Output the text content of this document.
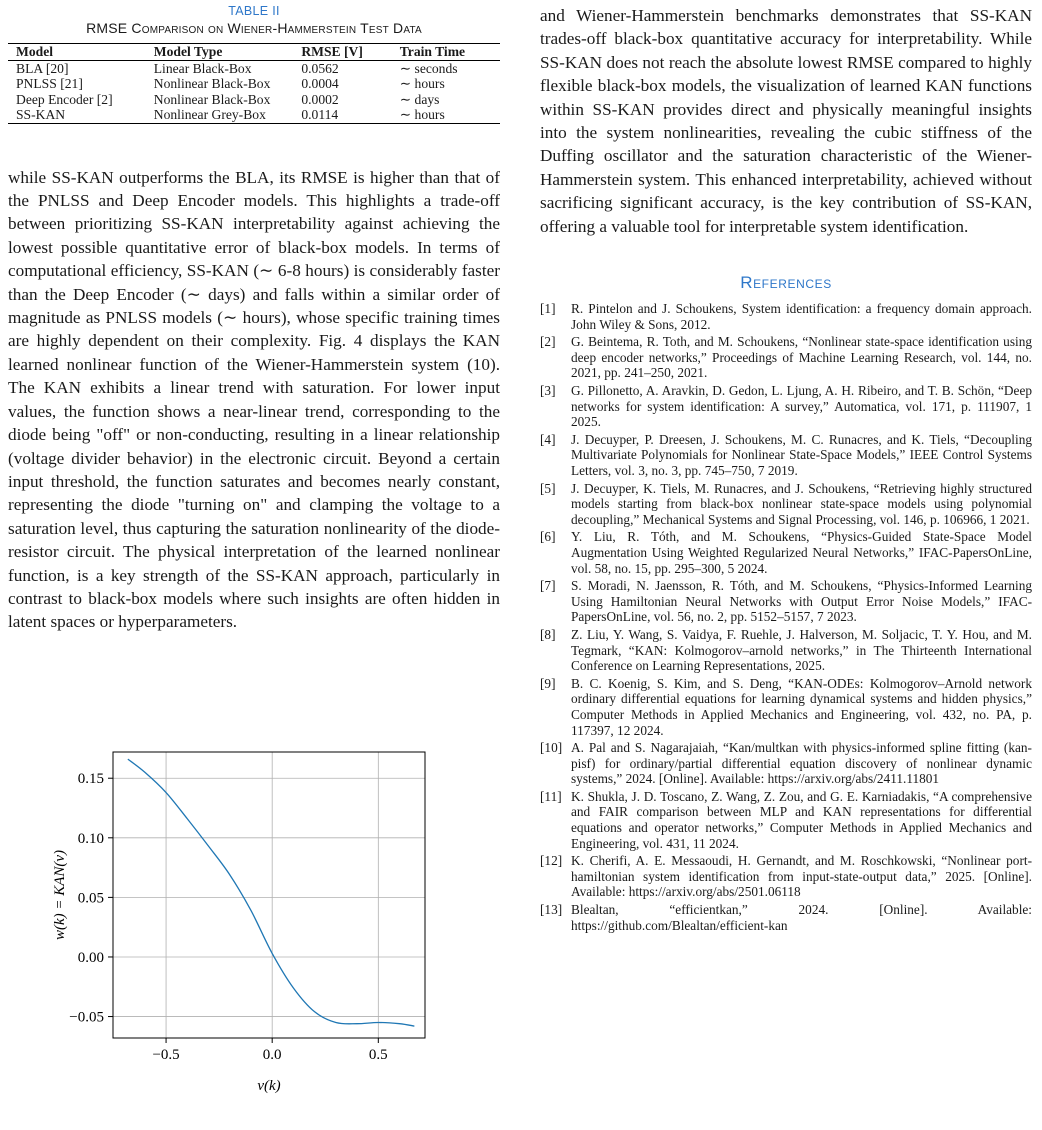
TABLE II
RMSE Comparison on Wiener-Hammerstein Test Data
Model	Model Type	RMSE [V]	Train Time
BLA [20]	Linear Black-Box	0.0562	∼ seconds
PNLSS [21]	Nonlinear Black-Box	0.0004	∼ hours
Deep Encoder [2]	Nonlinear Black-Box	0.0002	∼ days
SS-KAN	Nonlinear Grey-Box	0.0114	∼ hours

while SS-KAN outperforms the BLA, its RMSE is higher than that of the PNLSS and Deep Encoder models. This highlights a trade-off between prioritizing SS-KAN interpretability against achieving the lowest possible quantitative error of black-box models. In terms of computational efficiency, SS-KAN (∼ 6-8 hours) is considerably faster than the Deep Encoder (∼ days) and falls within a similar order of magnitude as PNLSS models (∼ hours), whose specific training times are highly dependent on their complexity. Fig. 4 displays the KAN learned nonlinear function of the Wiener-Hammerstein system (10). The KAN exhibits a linear trend with saturation. For lower input values, the function shows a near-linear trend, corresponding to the diode being "off" or non-conducting, resulting in a linear relationship (voltage divider behavior) in the electronic circuit. Beyond a certain input threshold, the function saturates and becomes nearly constant, representing the diode "turning on" and clamping the voltage to a saturation level, thus capturing the saturation nonlinearity of the diode-resistor circuit. The physical interpretation of the learned nonlinear function, is a key strength of the SS-KAN approach, particularly in contrast to black-box models where such insights are often hidden in latent spaces or hyperparameters.

−0.5	0.0	0.5
−0.05
0.00
0.05
0.10
0.15
v(k)
w(k) = KAN(v)

and Wiener-Hammerstein benchmarks demonstrates that SS-KAN trades-off black-box quantitative accuracy for interpretability. While SS-KAN does not reach the absolute lowest RMSE compared to highly flexible black-box models, the visualization of learned KAN functions within SS-KAN provides direct and physically meaningful insights into the system nonlinearities, revealing the cubic stiffness of the Duffing oscillator and the saturation characteristic of the Wiener-Hammerstein system. This enhanced interpretability, achieved without sacrificing significant accuracy, is the key contribution of SS-KAN, offering a valuable tool for interpretable system identification.

References
[1] R. Pintelon and J. Schoukens, System identification: a frequency domain approach. John Wiley & Sons, 2012.
[2] G. Beintema, R. Toth, and M. Schoukens, “Nonlinear state-space identification using deep encoder networks,” Proceedings of Machine Learning Research, vol. 144, no. 2021, pp. 241–250, 2021.
[3] G. Pillonetto, A. Aravkin, D. Gedon, L. Ljung, A. H. Ribeiro, and T. B. Schön, “Deep networks for system identification: A survey,” Automatica, vol. 171, p. 111907, 1 2025.
[4] J. Decuyper, P. Dreesen, J. Schoukens, M. C. Runacres, and K. Tiels, “Decoupling Multivariate Polynomials for Nonlinear State-Space Models,” IEEE Control Systems Letters, vol. 3, no. 3, pp. 745–750, 7 2019.
[5] J. Decuyper, K. Tiels, M. Runacres, and J. Schoukens, “Retrieving highly structured models starting from black-box nonlinear state-space models using polynomial decoupling,” Mechanical Systems and Signal Processing, vol. 146, p. 106966, 1 2021.
[6] Y. Liu, R. Tóth, and M. Schoukens, “Physics-Guided State-Space Model Augmentation Using Weighted Regularized Neural Networks,” IFAC-PapersOnLine, vol. 58, no. 15, pp. 295–300, 5 2024.
[7] S. Moradi, N. Jaensson, R. Tóth, and M. Schoukens, “Physics-Informed Learning Using Hamiltonian Neural Networks with Output Error Noise Models,” IFAC-PapersOnLine, vol. 56, no. 2, pp. 5152–5157, 7 2023.
[8] Z. Liu, Y. Wang, S. Vaidya, F. Ruehle, J. Halverson, M. Soljacic, T. Y. Hou, and M. Tegmark, “KAN: Kolmogorov–arnold networks,” in The Thirteenth International Conference on Learning Representations, 2025.
[9] B. C. Koenig, S. Kim, and S. Deng, “KAN-ODEs: Kolmogorov–Arnold network ordinary differential equations for learning dynamical systems and hidden physics,” Computer Methods in Applied Mechanics and Engineering, vol. 432, no. PA, p. 117397, 12 2024.
[10] A. Pal and S. Nagarajaiah, “Kan/multkan with physics-informed spline fitting (kan-pisf) for ordinary/partial differential equation discovery of nonlinear dynamic systems,” 2024. [Online]. Available: https://arxiv.org/abs/2411.11801
[11] K. Shukla, J. D. Toscano, Z. Wang, Z. Zou, and G. E. Karniadakis, “A comprehensive and FAIR comparison between MLP and KAN representations for differential equations and operator networks,” Computer Methods in Applied Mechanics and Engineering, vol. 431, 11 2024.
[12] K. Cherifi, A. E. Messaoudi, H. Gernandt, and M. Roschkowski, “Nonlinear port-hamiltonian system identification from input-state-output data,” 2025. [Online]. Available: https://arxiv.org/abs/2501.06118
[13] Blealtan, “efficientkan,” 2024. [Online]. Available: https://github.com/Blealtan/efficient-kan
